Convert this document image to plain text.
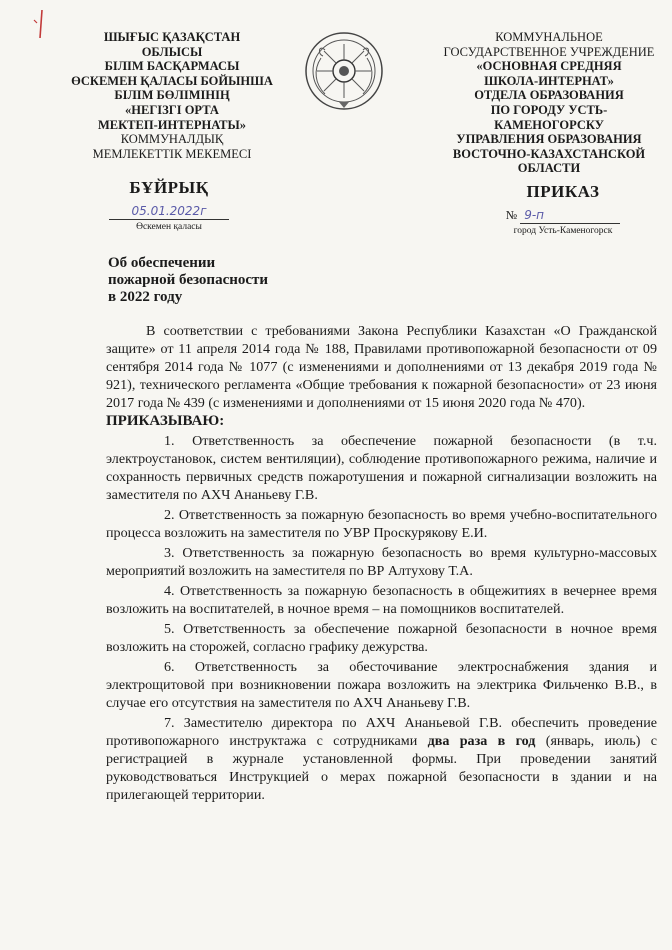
ШЫҒЫС ҚАЗАҚСТАН
ОБЛЫСЫ
БІЛІМ БАСҚАРМАСЫ
ӨСКЕМЕН ҚАЛАСЫ БОЙЫНША
БІЛІМ БӨЛІМІНІҢ
«НЕГІЗГІ ОРТА
МЕКТЕП-ИНТЕРНАТЫ»
КОММУНАЛДЫҚ
МЕМЛЕКЕТТІК МЕКЕМЕСІ
КОММУНАЛЬНОЕ
ГОСУДАРСТВЕННОЕ УЧРЕЖДЕНИЕ
«ОСНОВНАЯ СРЕДНЯЯ
ШКОЛА-ИНТЕРНАТ»
ОТДЕЛА ОБРАЗОВАНИЯ
ПО ГОРОДУ УСТЬ-КАМЕНОГОРСКУ
УПРАВЛЕНИЯ ОБРАЗОВАНИЯ
ВОСТОЧНО-КАЗАХСТАНСКОЙ
ОБЛАСТИ
БҰЙРЫҚ
05.01.2022г
Өскемен қаласы
ПРИКАЗ
№ 9-п
город Усть-Каменогорск
Об обеспечении
пожарной безопасности
в 2022 году

В соответствии с требованиями Закона Республики Казахстан «О Гражданской защите» от 11 апреля 2014 года № 188, Правилами противопожарной безопасности от 09 сентября 2014 года № 1077 (с изменениями и дополнениями от 13 декабря 2019 года № 921), технического регламента «Общие требования к пожарной безопасности» от 23 июня 2017 года № 439 (с изменениями и дополнениями от 15 июня 2020 года № 470).

ПРИКАЗЫВАЮ:

1. Ответственность за обеспечение пожарной безопасности (в т.ч. электроустановок, систем вентиляции), соблюдение противопожарного режима, наличие и сохранность первичных средств пожаротушения и пожарной сигнализации возложить на заместителя по АХЧ Ананьеву Г.В.

2. Ответственность за пожарную безопасность во время учебно-воспитательного процесса возложить на заместителя по УВР Проскурякову Е.И.

3. Ответственность за пожарную безопасность во время культурно-массовых мероприятий возложить на заместителя по ВР Алтухову Т.А.

4. Ответственность за пожарную безопасность в общежитиях в вечернее время возложить на воспитателей, в ночное время – на помощников воспитателей.

5. Ответственность за обеспечение пожарной безопасности в ночное время возложить на сторожей, согласно графику дежурства.

6. Ответственность за обесточивание электроснабжения здания и электрощитовой при возникновении пожара возложить на электрика Фильченко В.В., в случае его отсутствия на заместителя по АХЧ Ананьеву Г.В.

7. Заместителю директора по АХЧ Ананьевой Г.В. обеспечить проведение противопожарного инструктажа с сотрудниками два раза в год (январь, июль) с регистрацией в журнале установленной формы. При проведении занятий руководствоваться Инструкцией о мерах пожарной безопасности в здании и на прилегающей территории.
